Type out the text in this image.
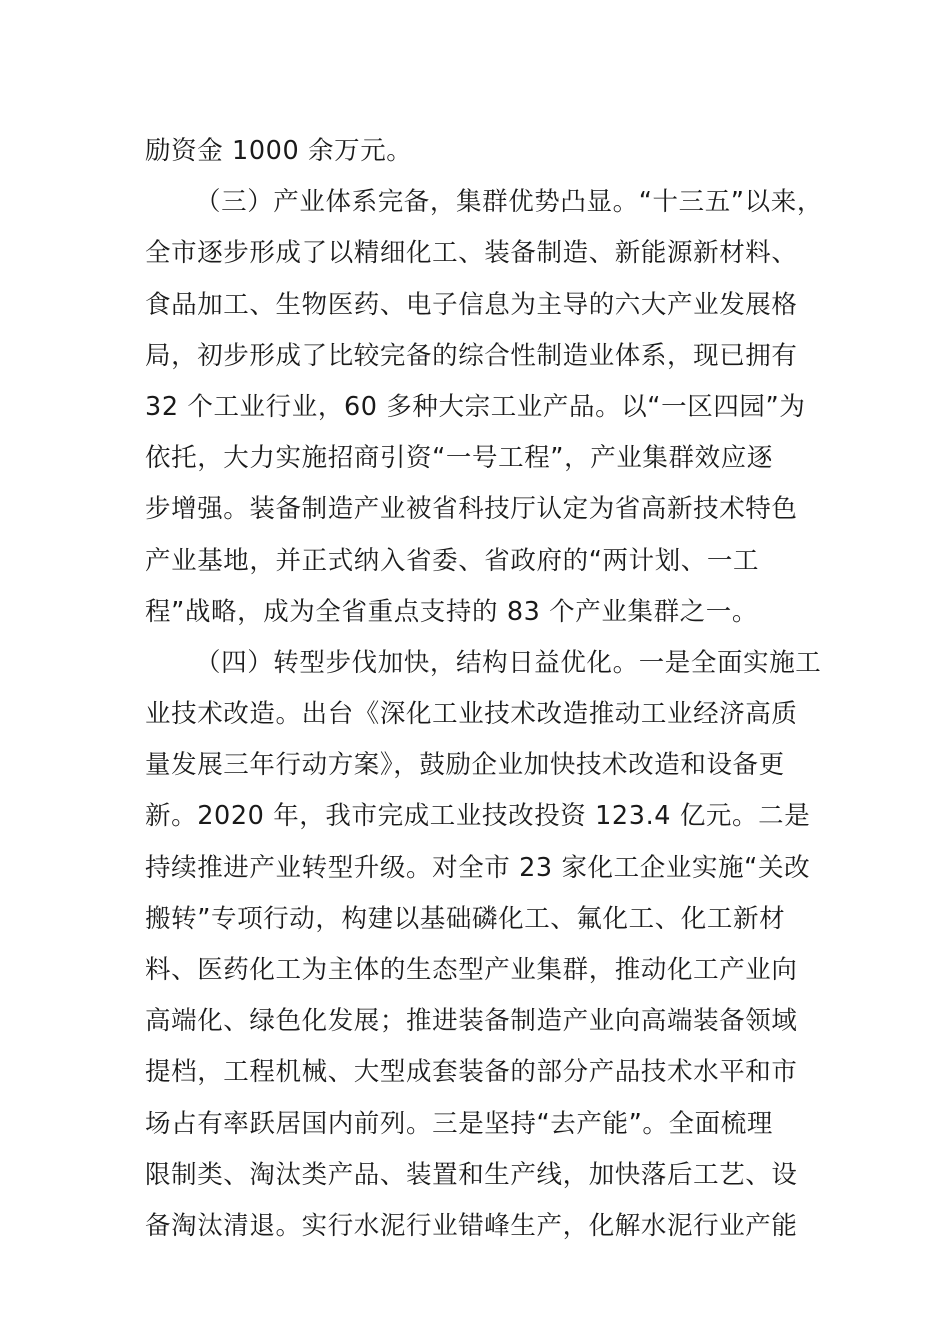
励资金 1000 余万元。
（三）产业体系完备，集群优势凸显。“十三五”以来，
全市逐步形成了以精细化工、装备制造、新能源新材料、
食品加工、生物医药、电子信息为主导的六大产业发展格
局，初步形成了比较完备的综合性制造业体系，现已拥有
32 个工业行业，60 多种大宗工业产品。以“一区四园”为
依托，大力实施招商引资“一号工程”，产业集群效应逐
步增强。装备制造产业被省科技厅认定为省高新技术特色
产业基地，并正式纳入省委、省政府的“两计划、一工
程”战略，成为全省重点支持的 83 个产业集群之一。
（四）转型步伐加快，结构日益优化。一是全面实施工
业技术改造。出台《深化工业技术改造推动工业经济高质
量发展三年行动方案》，鼓励企业加快技术改造和设备更
新。2020 年，我市完成工业技改投资 123.4 亿元。二是
持续推进产业转型升级。对全市 23 家化工企业实施“关改
搬转”专项行动，构建以基础磷化工、氟化工、化工新材
料、医药化工为主体的生态型产业集群，推动化工产业向
高端化、绿色化发展；推进装备制造产业向高端装备领域
提档，工程机械、大型成套装备的部分产品技术水平和市
场占有率跃居国内前列。三是坚持“去产能”。全面梳理
限制类、淘汰类产品、装置和生产线，加快落后工艺、设
备淘汰清退。实行水泥行业错峰生产，化解水泥行业产能
